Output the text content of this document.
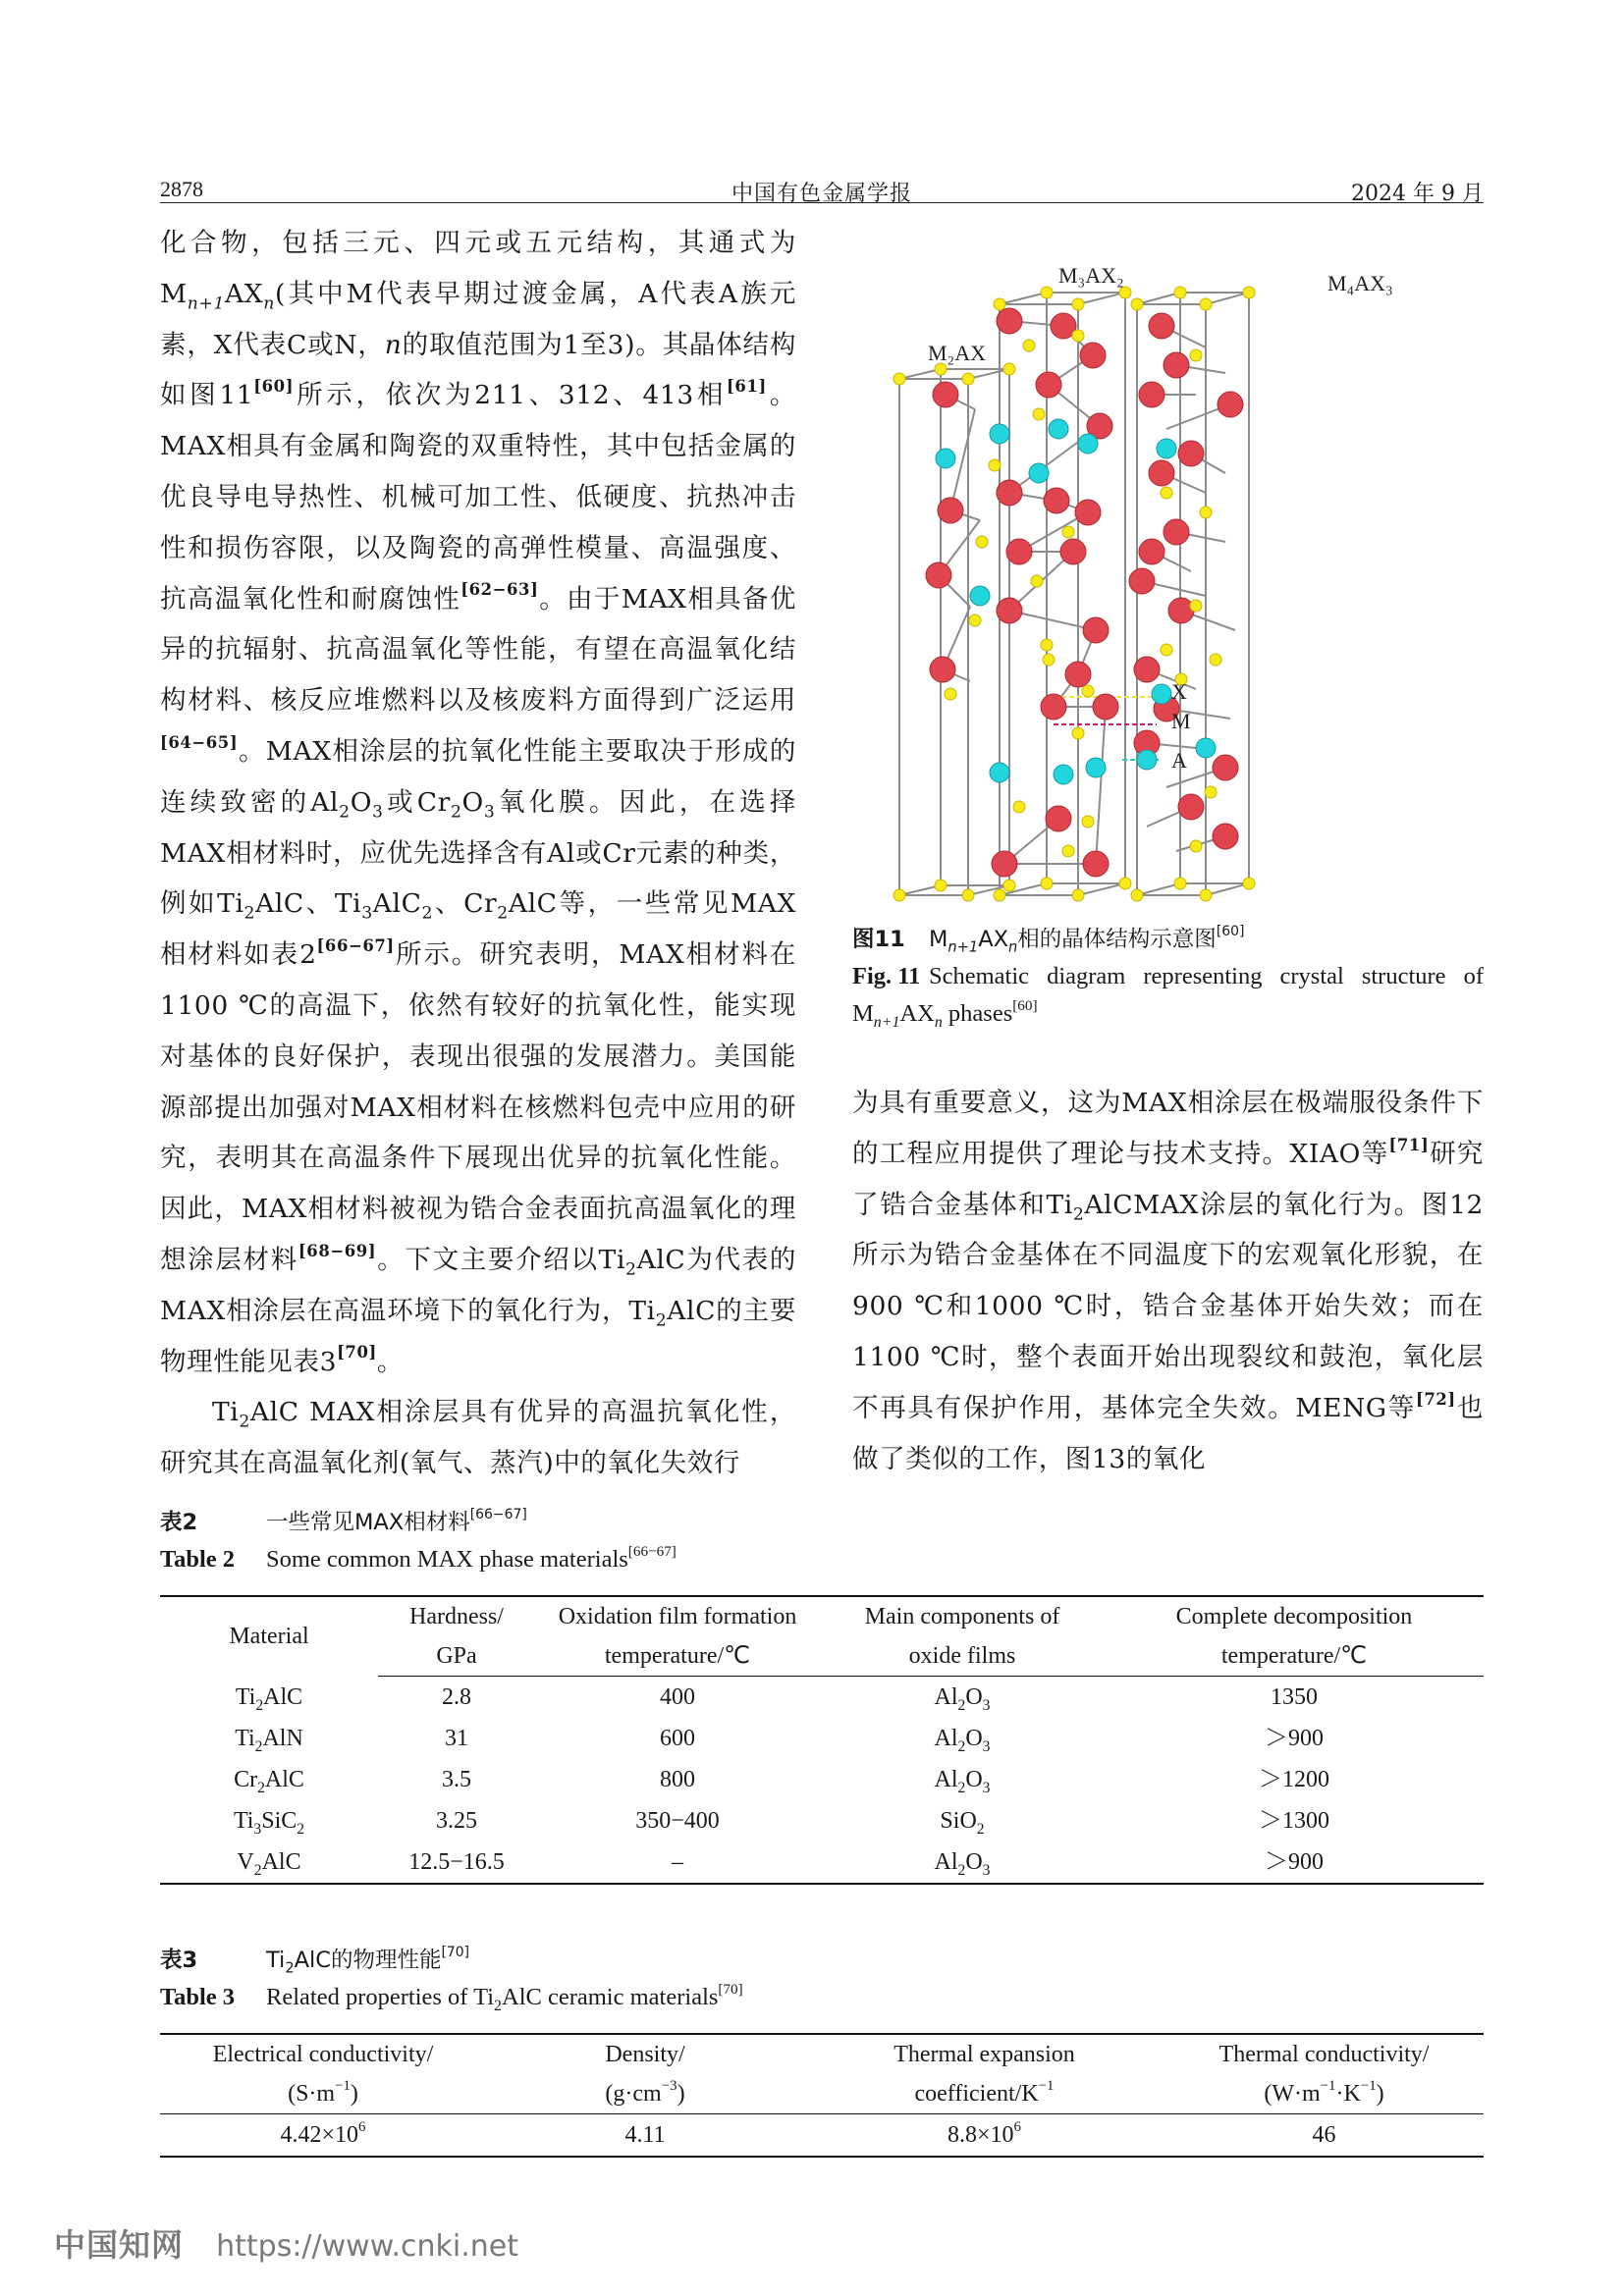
2878	中国有色金属学报	2024 年 9 月

化合物，包括三元、四元或五元结构，其通式为$M_{n+1}AX_n$(其中M代表早期过渡金属，A代表A族元素，X代表C或N，n的取值范围为1至3)。其晶体结构如图11[60]所示，依次为211、312、413相[61]。MAX相具有金属和陶瓷的双重特性，其中包括金属的优良导电导热性、机械可加工性、低硬度、抗热冲击性和损伤容限，以及陶瓷的高弹性模量、高温强度、抗高温氧化性和耐腐蚀性[62−63]。由于MAX相具备优异的抗辐射、抗高温氧化等性能，有望在高温氧化结构材料、核反应堆燃料以及核废料方面得到广泛运用[64−65]。MAX相涂层的抗氧化性能主要取决于形成的连续致密的$Al_2O_3$或$Cr_2O_3$氧化膜。因此，在选择MAX相材料时，应优先选择含有Al或Cr元素的种类，例如$Ti_2AlC$、$Ti_3AlC_2$、$Cr_2AlC$等，一些常见MAX相材料如表2[66−67]所示。研究表明，MAX相材料在1100 ℃的高温下，依然有较好的抗氧化性，能实现对基体的良好保护，表现出很强的发展潜力。美国能源部提出加强对MAX相材料在核燃料包壳中应用的研究，表明其在高温条件下展现出优异的抗氧化性能。因此，MAX相材料被视为锆合金表面抗高温氧化的理想涂层材料[68−69]。下文主要介绍以$Ti_2AlC$为代表的MAX相涂层在高温环境下的氧化行为，$Ti_2AlC$的主要物理性能见表3[70]。

$Ti_2AlC$ MAX相涂层具有优异的高温抗氧化性，研究其在高温氧化剂(氧气、蒸汽)中的氧化失效行

M₂AX
M₃AX₂
X
M
A
M₄AX₃
图11 $M_{n+1}AX_n$相的晶体结构示意图[60]
Fig. 11 Schematic diagram representing crystal structure of $M_{n+1}AX_n$ phases[60]

为具有重要意义，这为MAX相涂层在极端服役条件下的工程应用提供了理论与技术支持。XIAO等[71]研究了锆合金基体和$Ti_2AlCMAX$涂层的氧化行为。图12所示为锆合金基体在不同温度下的宏观氧化形貌，在900 ℃和1000 ℃时，锆合金基体开始失效；而在1100 ℃时，整个表面开始出现裂纹和鼓泡，氧化层不再具有保护作用，基体完全失效。MENG等[72]也做了类似的工作，图13的氧化

表2	一些常见MAX相材料[66−67]
Table 2 Some common MAX phase materials[66−67]
Material	Hardness/	Oxidation film formation	Main components of	Complete decomposition
	GPa	temperature/℃	oxide films	temperature/℃
$Ti_2AlC$	2.8	400	$Al_2O_3$	1350
$Ti_2AlN$	31	600	$Al_2O_3$	＞900
$Cr_2AlC$	3.5	800	$Al_2O_3$	＞1200
$Ti_3SiC_2$	3.25	350−400	SiO$_2$	＞1300
$V_2AlC$	12.5−16.5	–	$Al_2O_3$	＞900
表3	$Ti_2AlC$的物理性能[70]
Table 3 Related properties of $Ti_2AlC$ ceramic materials[70]
Electrical conductivity/	Density/	Thermal expansion	Thermal conductivity/
$(S\cdot m^{-1})$	$(g\cdot cm^{-3})$	coefficient/$K^{-1}$	$(W\cdot m^{-1}\cdot K^{-1})$
$4.42\times 10^6$	4.11	$8.8\times 10^6$	46
中国知网 https://www.cnki.net
